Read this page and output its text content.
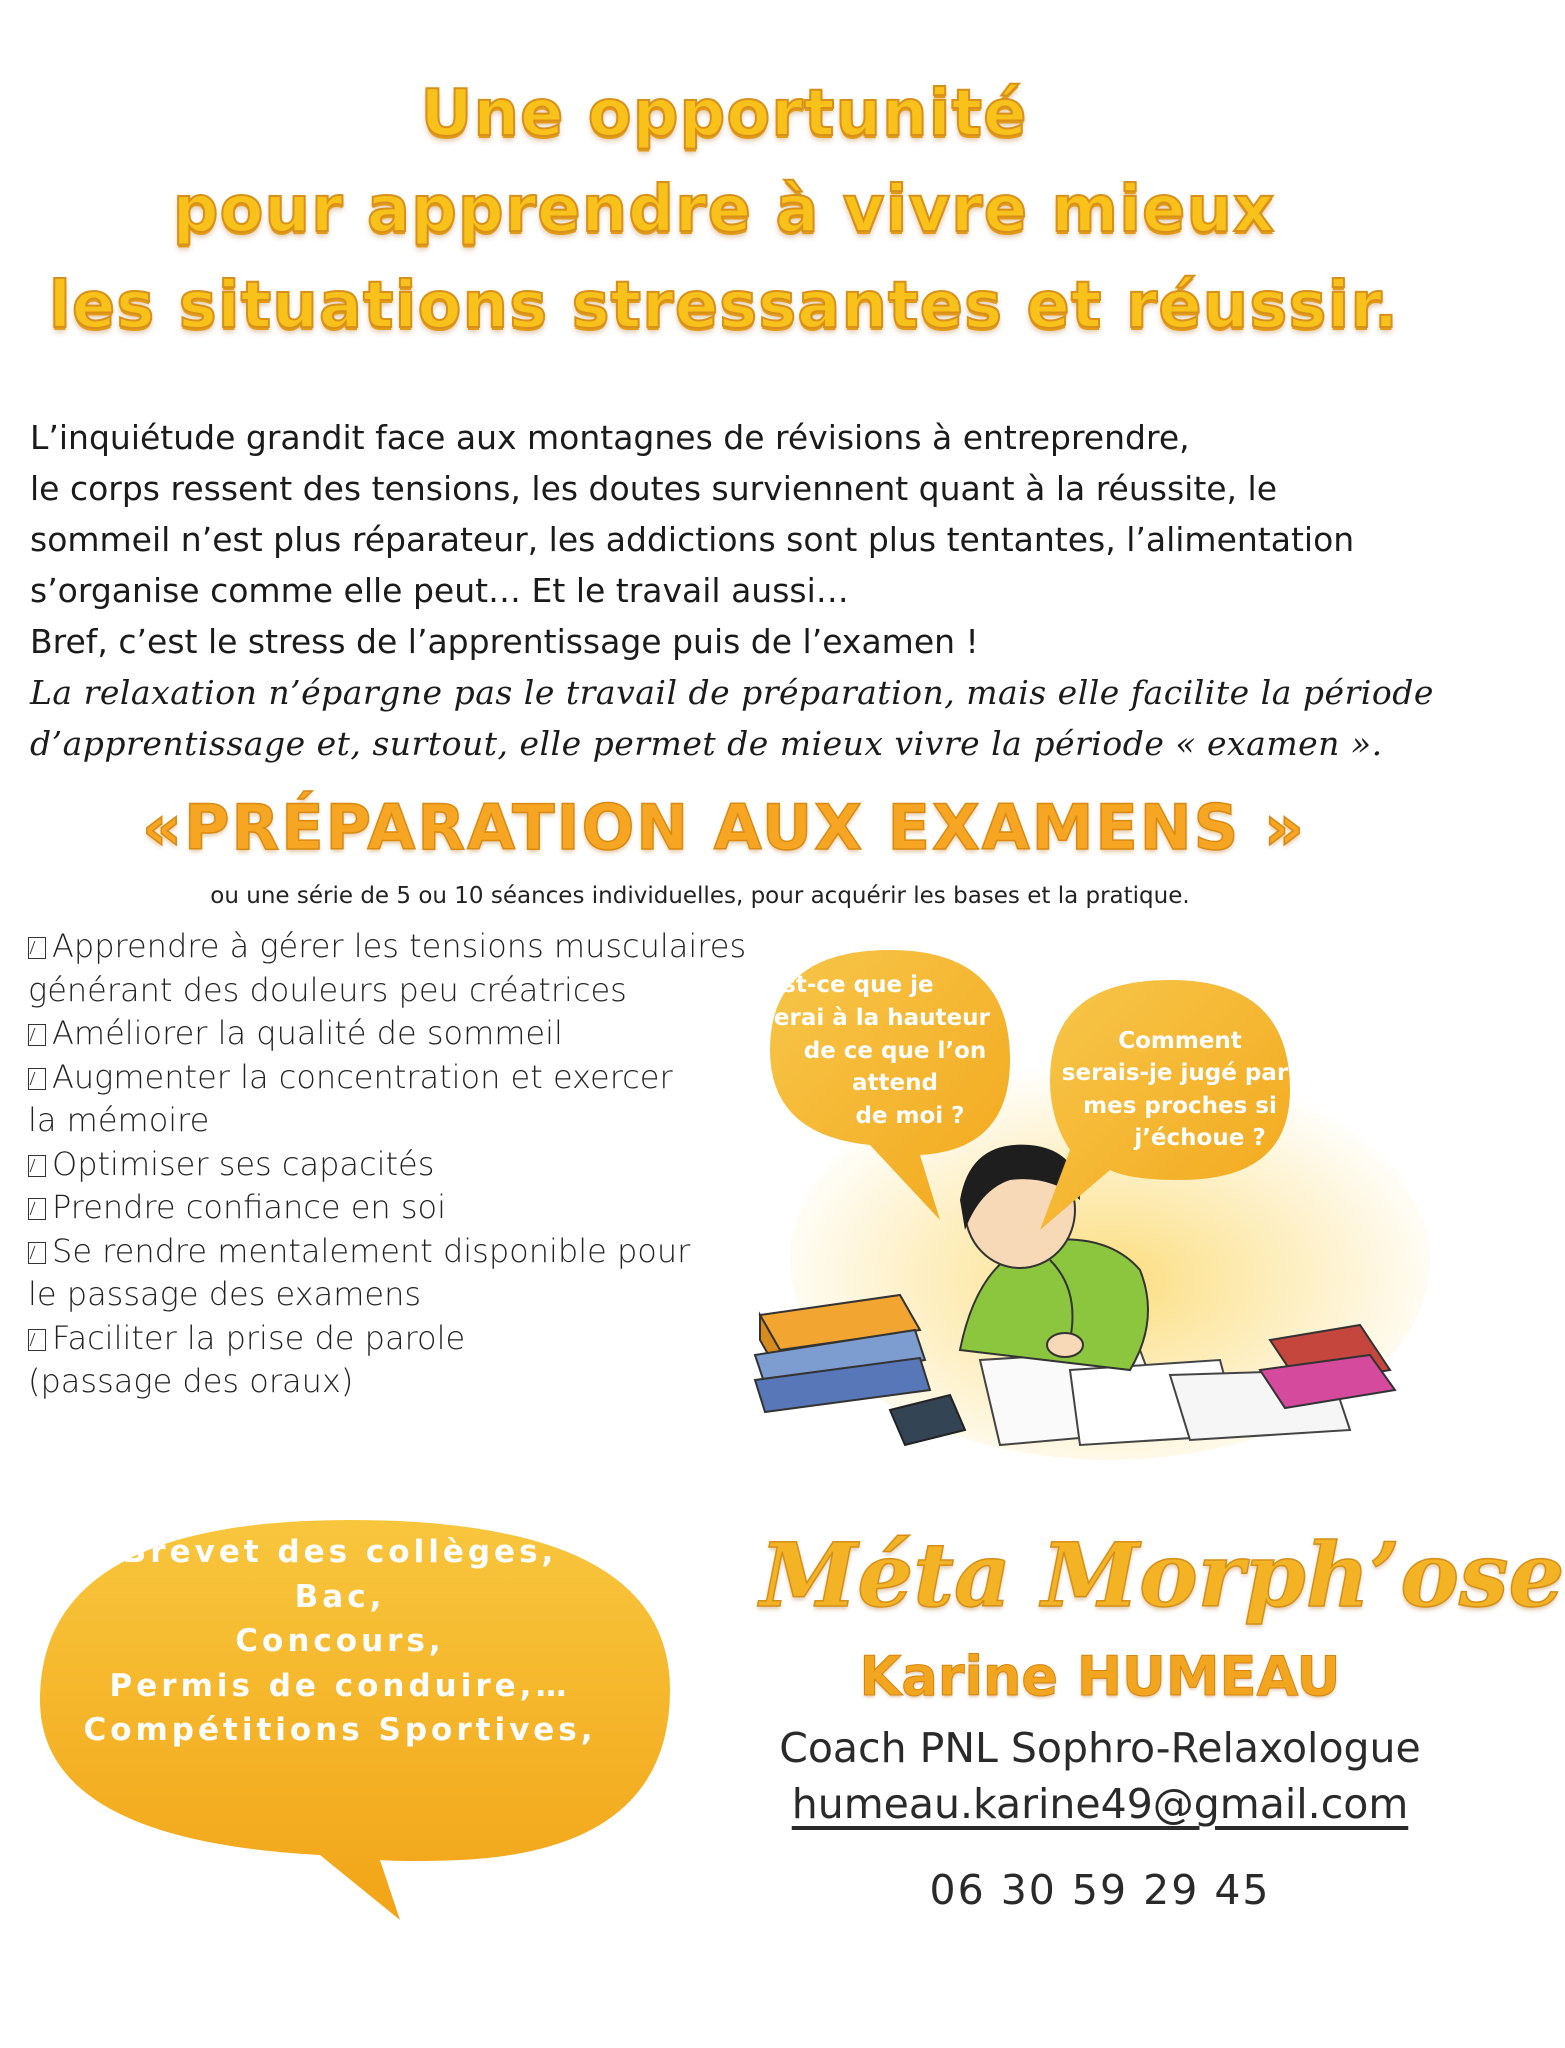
Une opportunité
pour apprendre à vivre mieux
les situations stressantes et réussir.

L’inquiétude grandit face aux montagnes de révisions à entreprendre,

le corps ressent des tensions, les doutes surviennent quant à la réussite, le

sommeil n’est plus réparateur, les addictions sont plus tentantes, l’alimentation

s’organise comme elle peut… Et le travail aussi…

Bref, c’est le stress de l’apprentissage puis de l’examen !

La relaxation n’épargne pas le travail de préparation, mais elle facilite la période

d’apprentissage et, surtout, elle permet de mieux vivre la période « examen ».

«PRÉPARATION AUX EXAMENS »
ou une série de 5 ou 10 séances individuelles, pour acquérir les bases et la pratique.
Apprendre à gérer les tensions musculaires
générant des douleurs peu créatrices
Améliorer la qualité de sommeil
Augmenter la concentration et exercer
la mémoire
Optimiser ses capacités
Prendre confiance en soi
Se rendre mentalement disponible pour
le passage des examens
Faciliter la prise de parole
(passage des oraux)
Est-ce que je
serai à la hauteur
de ce que l’on
attend
de moi ?
Comment
serais-je jugé par
mes proches si
j’échoue ?
Brevet des collèges,
Bac,
Concours,
Permis de conduire,…
Compétitions Sportives,
Méta Morph’ose
Karine HUMEAU
Coach PNL Sophro-Relaxologue
humeau.karine49@gmail.com
06 30 59 29 45
